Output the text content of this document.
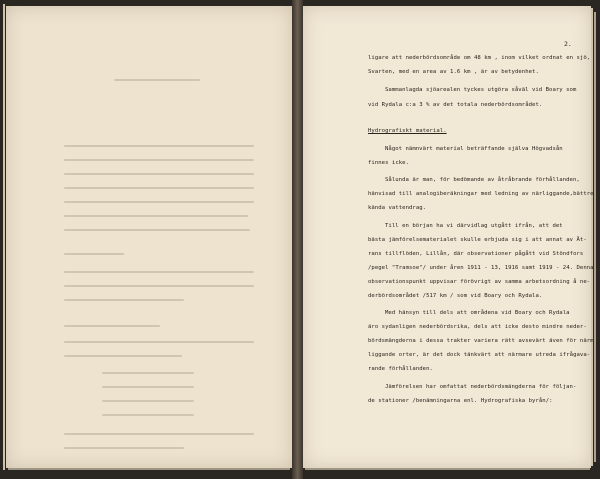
2.
ligare att nederbördsområde om 48 km , inom vilket ordnat en sjö,
Svarten, med en area av 1.6 km , är av betydenhet.
Sammanlagda sjöarealen tyckes utgöra såväl vid Boary som
vid Rydala c:a 3 % av det totala nederbördsområdet.
Hydrografiskt material.
Något nämnvärt material beträffande själva Högvadsån
finnes icke.
Sålunda är man, för bedömande av åtråbrande förhållanden,
hänvisad till analogiberäkningar med ledning av närliggande,bättre
kända vattendrag.
Till en början ha vi därvidlag utgått ifrån, att det
bästa jämförelsematerialet skulle erbjuda sig i att annat av Ät-
rans tillflöden, Lillån, där observationer pågått vid Stöndfors
/pegel "Tramsoe"/ under åren 1911 - 13, 1916 samt 1919 - 24. Denna
observationspunkt uppvisar förövrigt av samma arbetsordning å ne-
derbördsområdet /517 km / som vid Boary och Rydala.
Med hänsyn till dels att områdena vid Boary och Rydala
äro sydanligen nederbördsrika, dels att icke desto mindre neder-
bördsmängderna i dessa trakter variera rätt avsevärt även för närm
liggande orter, är det dock tänkvärt att närmare utreda ifrågava-
rande förhållanden.
Jämförelsen har omfattat nederbördsmängderna för följan-
de stationer /benämningarna enl. Hydrografiska byrån/:
